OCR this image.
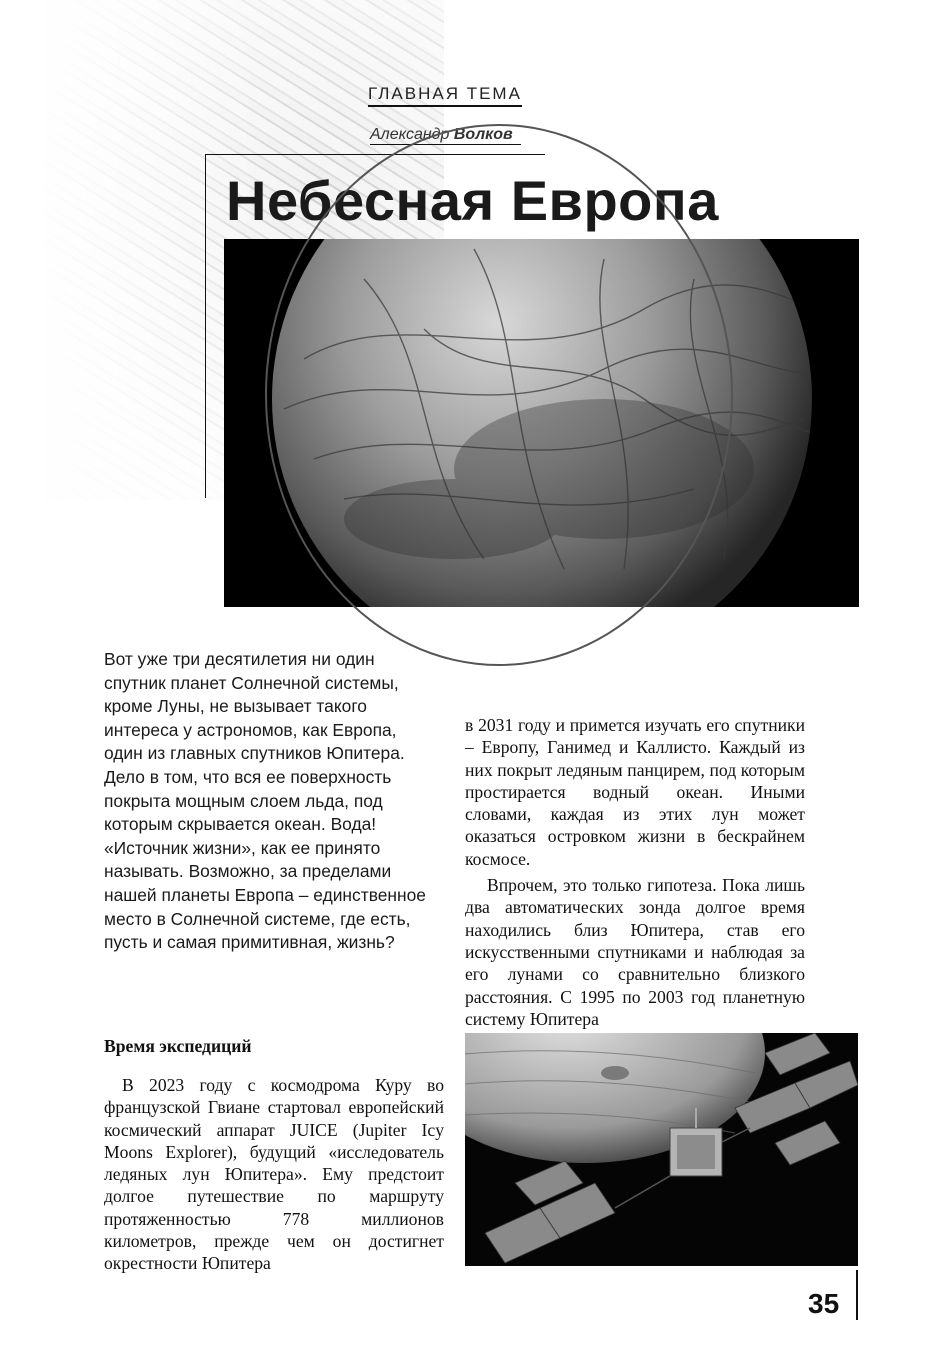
ГЛАВНАЯ ТЕМА
Александр Волков
Небесная Европа
Вот уже три десятилетия ни один спутник планет Солнечной системы, кроме Луны, не вызывает такого интереса у астрономов, как Европа, один из главных спутников Юпитера. Дело в том, что вся ее поверхность покрыта мощным слоем льда, под которым скрывается океан. Вода! «Источник жизни», как ее принято называть. Возможно, за пределами нашей планеты Европа – единственное место в Солнечной системе, где есть, пусть и самая примитивная, жизнь?

в 2031 году и примется изучать его спутники – Европу, Ганимед и Каллисто. Каждый из них покрыт ледяным панцирем, под которым простирается водный океан. Иными словами, каждая из этих лун может оказаться островком жизни в бескрайнем космосе.

Впрочем, это только гипотеза. Пока лишь два автоматических зонда долгое время находились близ Юпитера, став его искусственными спутниками и наблюдая за его лунами со сравнительно близкого расстояния. С 1995 по 2003 год планетную систему Юпитера

Время экспедиций
В 2023 году с космодрома Куру во французской Гвиане стартовал европейский космический аппарат JUICE (Jupiter Icy Moons Explorer), будущий «исследователь ледяных лун Юпитера». Ему предстоит долгое путешествие по маршруту протяженностью 778 миллионов километров, прежде чем он достигнет окрестности Юпитера
35
